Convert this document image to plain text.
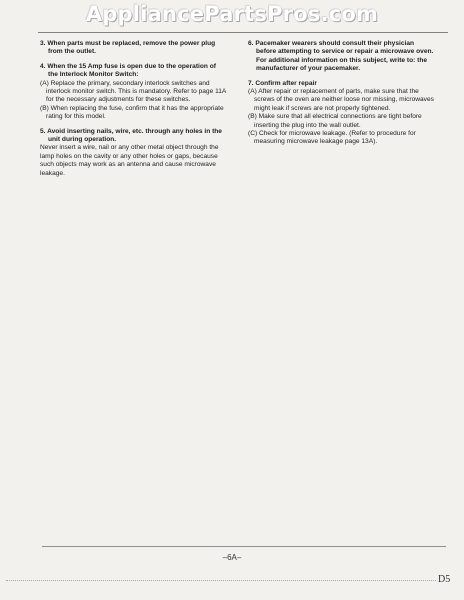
AppliancePartsPros.com
3. When parts must be replaced, remove the power plug from the outlet.
4. When the 15 Amp fuse is open due to the operation of the Interlock Monitor Switch:
(A) Replace the primary, secondary interlock switches and interlock monitor switch. This is mandatory. Refer to page 11A for the necessary adjustments for these switches.
(B) When replacing the fuse, confirm that it has the appropriate rating for this model.
5. Avoid inserting nails, wire, etc. through any holes in the unit during operation.
Never insert a wire, nail or any other metal object through the lamp holes on the cavity or any other holes or gaps, because such objects may work as an antenna and cause microwave leakage.
6. Pacemaker wearers should consult their physician before attempting to service or repair a microwave oven. For additional information on this subject, write to: the manufacturer of your pacemaker.
7. Confirm after repair
(A) After repair or replacement of parts, make sure that the screws of the oven are neither loose nor missing, microwaves might leak if screws are not properly tightened.
(B) Make sure that all electrical connections are tight before inserting the plug into the wall outlet.
(C) Check for microwave leakage. (Refer to procedure for measuring microwave leakage page 13A).
–6A–
D5
